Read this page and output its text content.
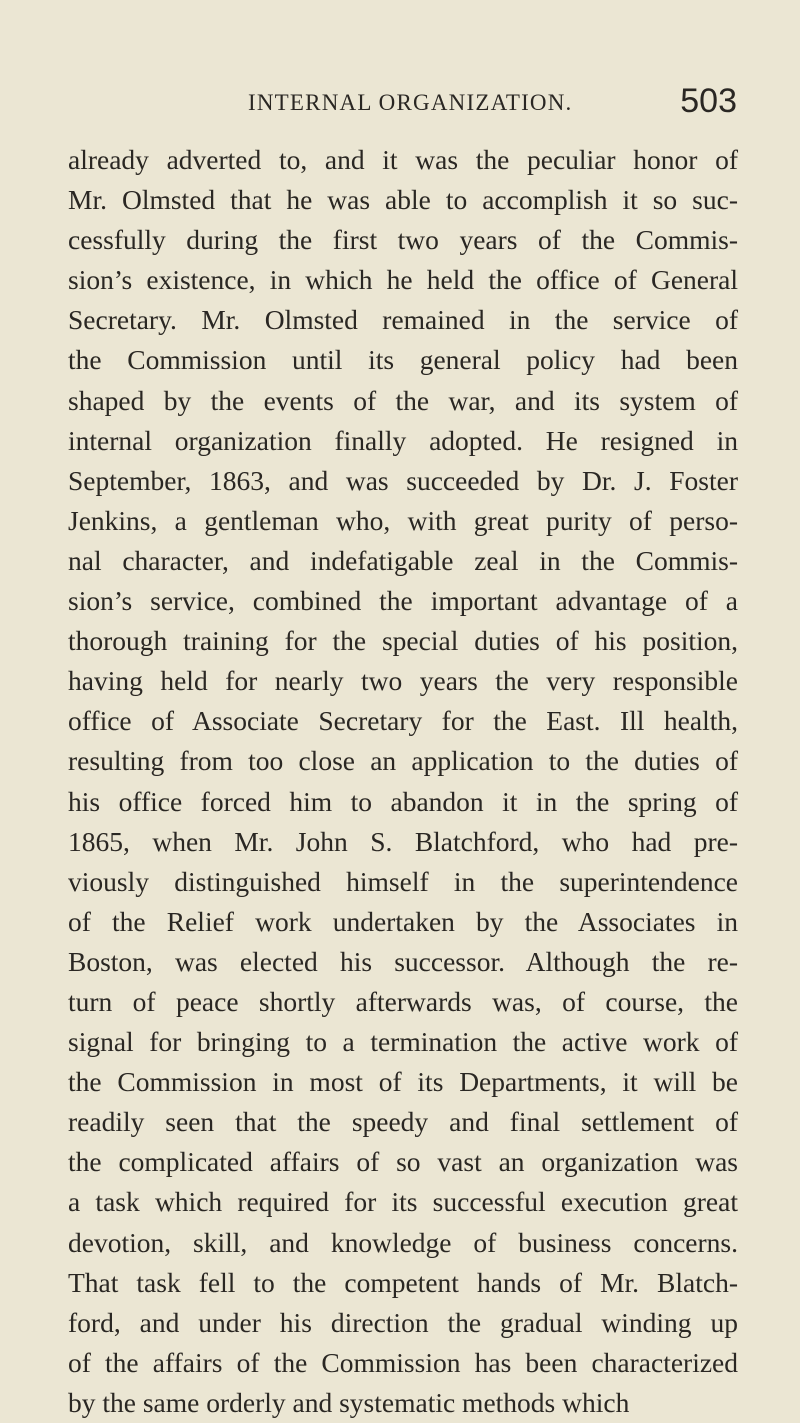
INTERNAL ORGANIZATION.	503
already adverted to, and it was the peculiar honor of
Mr. Olmsted that he was able to accomplish it so suc-
cessfully during the first two years of the Commis-
sion’s existence, in which he held the office of General
Secretary. Mr. Olmsted remained in the service of
the Commission until its general policy had been
shaped by the events of the war, and its system of
internal organization finally adopted. He resigned in
September, 1863, and was succeeded by Dr. J. Foster
Jenkins, a gentleman who, with great purity of perso-
nal character, and indefatigable zeal in the Commis-
sion’s service, combined the important advantage of a
thorough training for the special duties of his position,
having held for nearly two years the very responsible
office of Associate Secretary for the East. Ill health,
resulting from too close an application to the duties of
his office forced him to abandon it in the spring of
1865, when Mr. John S. Blatchford, who had pre-
viously distinguished himself in the superintendence
of the Relief work undertaken by the Associates in
Boston, was elected his successor. Although the re-
turn of peace shortly afterwards was, of course, the
signal for bringing to a termination the active work of
the Commission in most of its Departments, it will be
readily seen that the speedy and final settlement of
the complicated affairs of so vast an organization was
a task which required for its successful execution great
devotion, skill, and knowledge of business concerns.
That task fell to the competent hands of Mr. Blatch-
ford, and under his direction the gradual winding up
of the affairs of the Commission has been characterized
by the same orderly and systematic methods which
